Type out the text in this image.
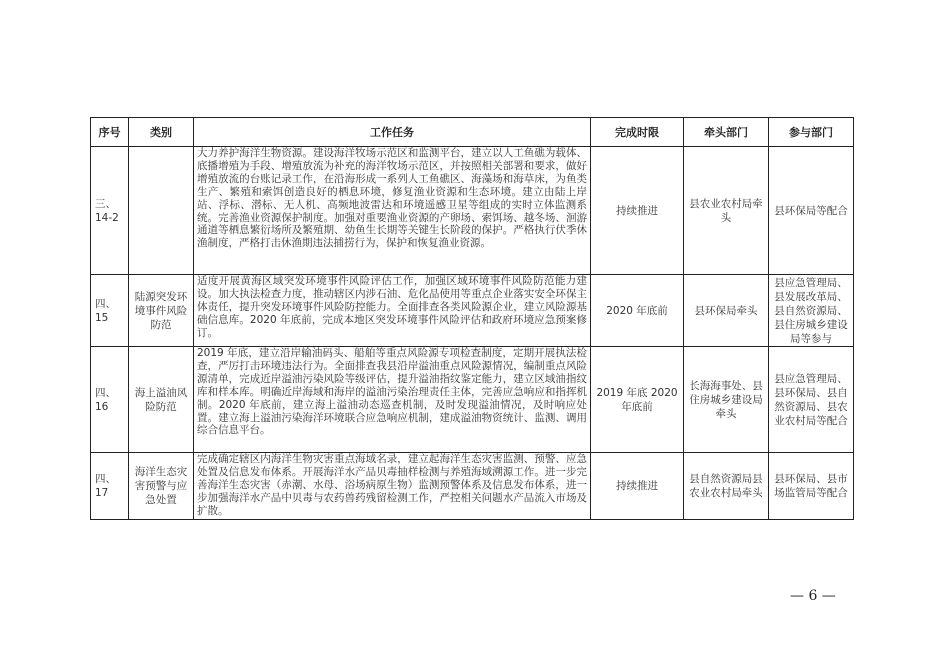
序号	类别	工作任务	完成时限	牵头部门	参与部门
三、14-2		大力养护海洋生物资源。建设海洋牧场示范区和监测平台，建立以人工鱼礁为载体、底播增殖为手段、增殖放流为补充的海洋牧场示范区，并按照相关部署和要求，做好增殖放流的台账记录工作，在沿海形成一系列人工鱼礁区、海藻场和海草床，为鱼类生产、繁殖和索饵创造良好的栖息环境，修复渔业资源和生态环境。建立由陆上岸站、浮标、潜标、无人机、高频地波雷达和环境遥感卫星等组成的实时立体监测系统。完善渔业资源保护制度。加强对重要渔业资源的产卵场、索饵场、越冬场、洄游通道等栖息繁衍场所及繁殖期、幼鱼生长期等关键生长阶段的保护。严格执行伏季休渔制度，严格打击休渔期违法捕捞行为，保护和恢复渔业资源。	持续推进	县农业农村局牵头	县环保局等配合
四、15	陆源突发环境事件风险防范	适度开展黄海区域突发环境事件风险评估工作，加强区域环境事件风险防范能力建设。加大执法检查力度，推动辖区内涉石油、危化品使用等重点企业落实安全环保主体责任，提升突发环境事件风险防控能力。全面排查各类风险源企业，建立风险源基础信息库。2020 年底前，完成本地区突发环境事件风险评估和政府环境应急预案修订。	2020 年底前	县环保局牵头	县应急管理局、县发展改革局、县自然资源局、县住房城乡建设局等参与
四、16	海上溢油风险防范	2019 年底，建立沿岸输油码头、船舶等重点风险源专项检查制度，定期开展执法检查，严厉打击环境违法行为。全面排查我县沿岸溢油重点风险源情况，编制重点风险源清单，完成近岸溢油污染风险等级评估，提升溢油指纹鉴定能力，建立区域油指纹库和样本库。明确近岸海域和海岸的溢油污染治理责任主体，完善应急响应和指挥机制。2020 年底前，建立海上溢油动态巡查机制，及时发现溢油情况，及时响应处置。建立海上溢油污染海洋环境联合应急响应机制，建成溢油物资统计、监测、调用综合信息平台。	2019 年底 2020 年底前	长海海事处、县住房城乡建设局牵头	县应急管理局、县环保局、县自然资源局、县农业农村局等配合
四、17	海洋生态灾害预警与应急处置	完成确定辖区内海洋生物灾害重点海域名录，建立起海洋生态灾害监测、预警、应急处置及信息发布体系。开展海洋水产品贝毒抽样检测与养殖海域溯源工作。进一步完善海洋生态灾害（赤潮、水母、浴场病原生物）监测预警体系及信息发布体系，进一步加强海洋水产品中贝毒与农药兽药残留检测工作，严控相关问题水产品流入市场及扩散。	持续推进	县自然资源局县农业农村局牵头	县环保局、县市场监管局等配合
— 6 —
